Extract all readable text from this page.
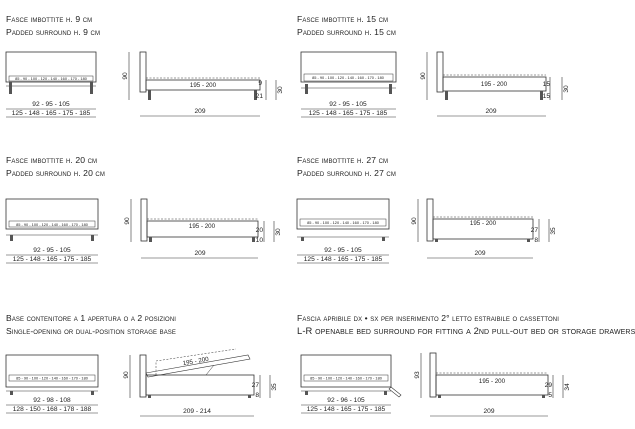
Fasce imbottite h. 9 cm
Padded surround h. 9 cm
85 - 90 - 100 - 120 - 140 - 160 - 170 - 180
92 - 95 - 105
125 - 148 - 165 - 175 - 185
195 - 200
90
9
21
30
209
Fasce imbottite h. 15 cm
Padded surround h. 15 cm
85 - 90 - 100 - 120 - 140 - 160 - 170 - 180
92 - 95 - 105
125 - 148 - 165 - 175 - 185
195 - 200
90
15
15
30
209
Fasce imbottite h. 20 cm
Padded surround h. 20 cm
85 - 90 - 100 - 120 - 140 - 160 - 170 - 180
92 - 95 - 105
125 - 148 - 165 - 175 - 185
195 - 200
90
20
10
30
209
Fasce imbottite h. 27 cm
Padded surround h. 27 cm
85 - 90 - 100 - 120 - 140 - 160 - 170 - 180
92 - 95 - 105
125 - 148 - 165 - 175 - 185
195 - 200
90
27
8
35
209
Base contenitore a 1 apertura o a 2 posizioni
Single-opening or dual-position storage base
85 - 90 - 100 - 120 - 140 - 160 - 170 - 180
92 - 98 - 108
128 - 150 - 168 - 178 - 188
195 - 200
90
27
8
35
209 - 214
Fascia apribile dx • sx per inserimento 2° letto estraibile o cassettoni
L-R openable bed surround for fitting a 2nd pull-out bed or storage drawers
85 - 90 - 100 - 120 - 140 - 160 - 170 - 180
92 - 96 - 105
125 - 148 - 165 - 175 - 185
195 - 200
93
29
5
34
209
